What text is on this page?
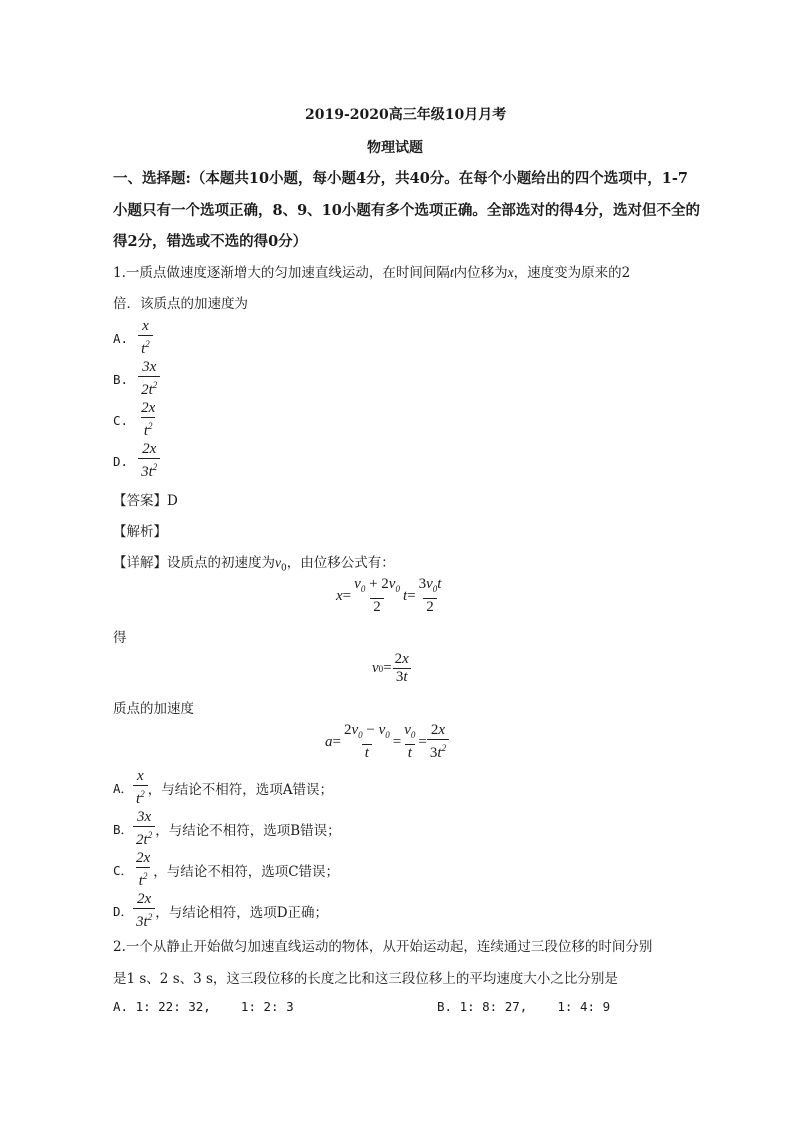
2019-2020高三年级10月月考
物理试题
一、选择题:（本题共10小题，每小题4分，共40分。在每个小题给出的四个选项中，1-7
小题只有一个选项正确，8、9、10小题有多个选项正确。全部选对的得4分，选对但不全的
得2分，错选或不选的得0分）
1.一质点做速度逐渐增大的匀加速直线运动，在时间间隔t内位移为x，速度变为原来的2
倍．该质点的加速度为
A. $\frac{x}{t^2}$
B. $\frac{3x}{2t^2}$
C. $\frac{2x}{t^2}$
D. $\frac{2x}{3t^2}$
【答案】D
【解析】
【详解】设质点的初速度为$v_0$，由位移公式有：
$x = \frac{v_0 + 2v_0}{2}$ $t = \frac{3v_0t}{2}$
得
v $0 = \frac{2x}{3t}$
质点的加速度
$a = \frac{2v_0 - v_0}{t} = \frac{v_0}{t} = \frac{2x}{3t^2}$
A． $\frac{x}{t^2}$ ，与结论不相符，选项A错误；
B． $\frac{3x}{2t^2}$ ，与结论不相符，选项B错误；
C． $\frac{2x}{t^2}$ ，与结论不相符，选项C错误；
D． $\frac{2x}{3t^2}$ ，与结论相符，选项D正确；
2.一个从静止开始做匀加速直线运动的物体，从开始运动起，连续通过三段位移的时间分别
是1 s、2 s、3 s，这三段位移的长度之比和这三段位移上的平均速度大小之比分别是
A. 1: 22: 32,    1: 2: 3	B. 1: 8: 27,    1: 4: 9
